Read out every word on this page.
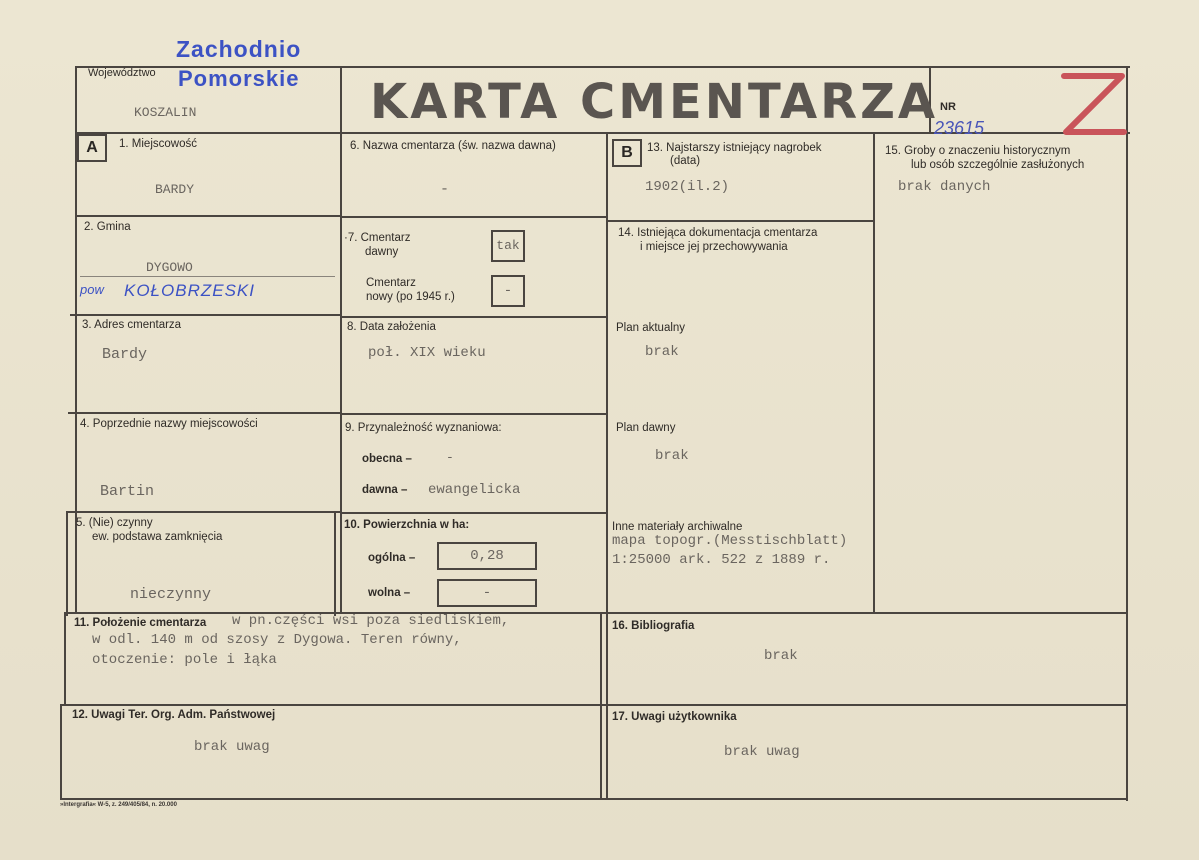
Województwo
Zachodnio
Pomorskie
KOSZALIN	KARTA CMENTARZA NR
23615
A	1. Miejscowość
BARDY
2. Gmina
DYGOWO
pow KOŁOBRZESKI
3. Adres cmentarza
Bardy
4. Poprzednie nazwy miejscowości
Bartin
5. (Nie) czynny
ew. podstawa zamknięcia
nieczynny
6. Nazwa cmentarza (św. nazwa dawna)
-
·7. Cmentarz
dawny	tak
Cmentarz
nowy (po 1945 r.)	-
8. Data założenia
poł. XIX wieku
9. Przynależność wyznaniowa:
obecna –	-
dawna – ewangelicka
10. Powierzchnia w ha:
ogólna –	0,28
wolna –	-
B	13. Najstarszy istniejący nagrobek
(data)
1902(il.2)
14. Istniejąca dokumentacja cmentarza
i miejsce jej przechowywania
Plan aktualny
brak
Plan dawny
brak
Inne materiały archiwalne
mapa topogr.(Messtischblatt)
1:25000 ark. 522 z 1889 r.
15. Groby o znaczeniu historycznym
lub osób szczególnie zasłużonych
brak danych
11. Położenie cmentarza w pn.części wsi poza siedliskiem,
w odl. 140 m od szosy z Dygowa. Teren równy,
otoczenie: pole i łąka
16. Bibliografia
brak
12. Uwagi Ter. Org. Adm. Państwowej
brak uwag
17. Uwagi użytkownika
brak uwag
»Intergrafia« W-5, z. 249/405/84, n. 20.000
